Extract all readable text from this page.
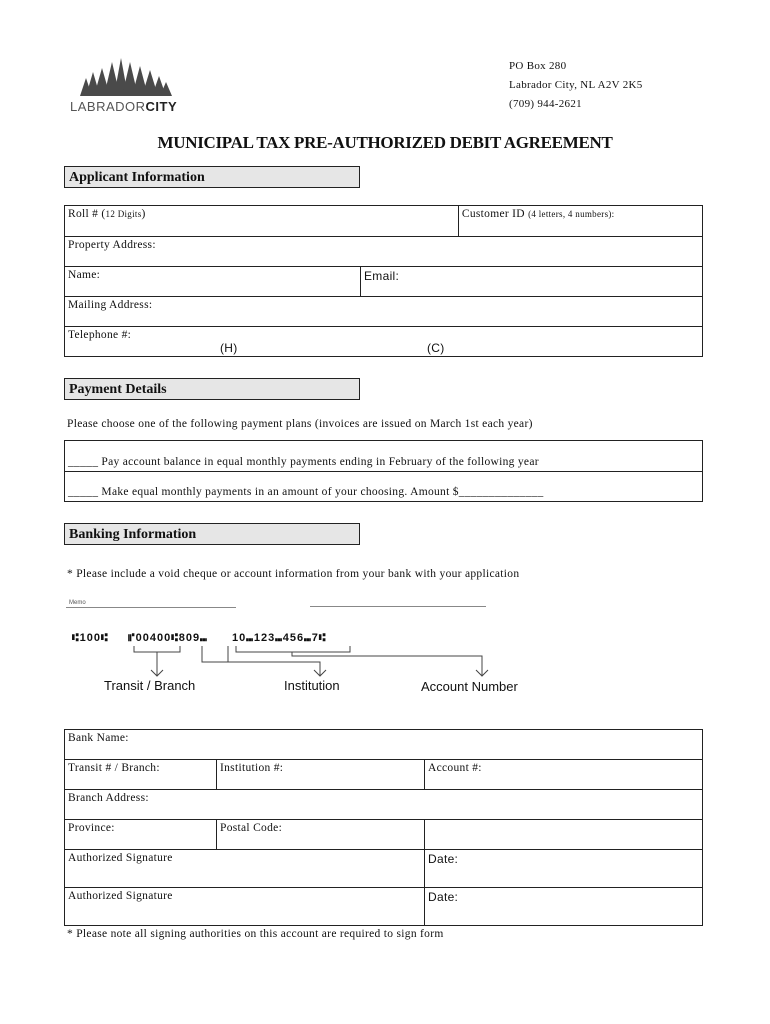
LABRADORCITY
PO Box 280
Labrador City, NL A2V 2K5
(709) 944-2621
MUNICIPAL TAX PRE-AUTHORIZED DEBIT AGREEMENT
Applicant Information
Roll # (12 Digits)		Customer ID (4 letters, 4 numbers):
Property Address:		
Name:	Email:	
Mailing Address:		
Telephone #:
(H) (C)		
Payment Details
Please choose one of the following payment plans (invoices are issued on March 1st each year)
_____ Pay account balance in equal monthly payments ending in February of the following year
_____ Make equal monthly payments in an amount of your choosing. Amount $______________
Banking Information
* Please include a void cheque or account information from your bank with your application
Memo
⑆100⑆ ⑈00400⑆809⑉ 10⑉123⑉456⑉7⑆
Transit / Branch	Institution	Account Number
Bank Name:		
Transit # / Branch:	Institution #:	Account #:
Branch Address:		
Province:	Postal Code:	
Authorized Signature		Date:
Authorized Signature		Date:
* Please note all signing authorities on this account are required to sign form
